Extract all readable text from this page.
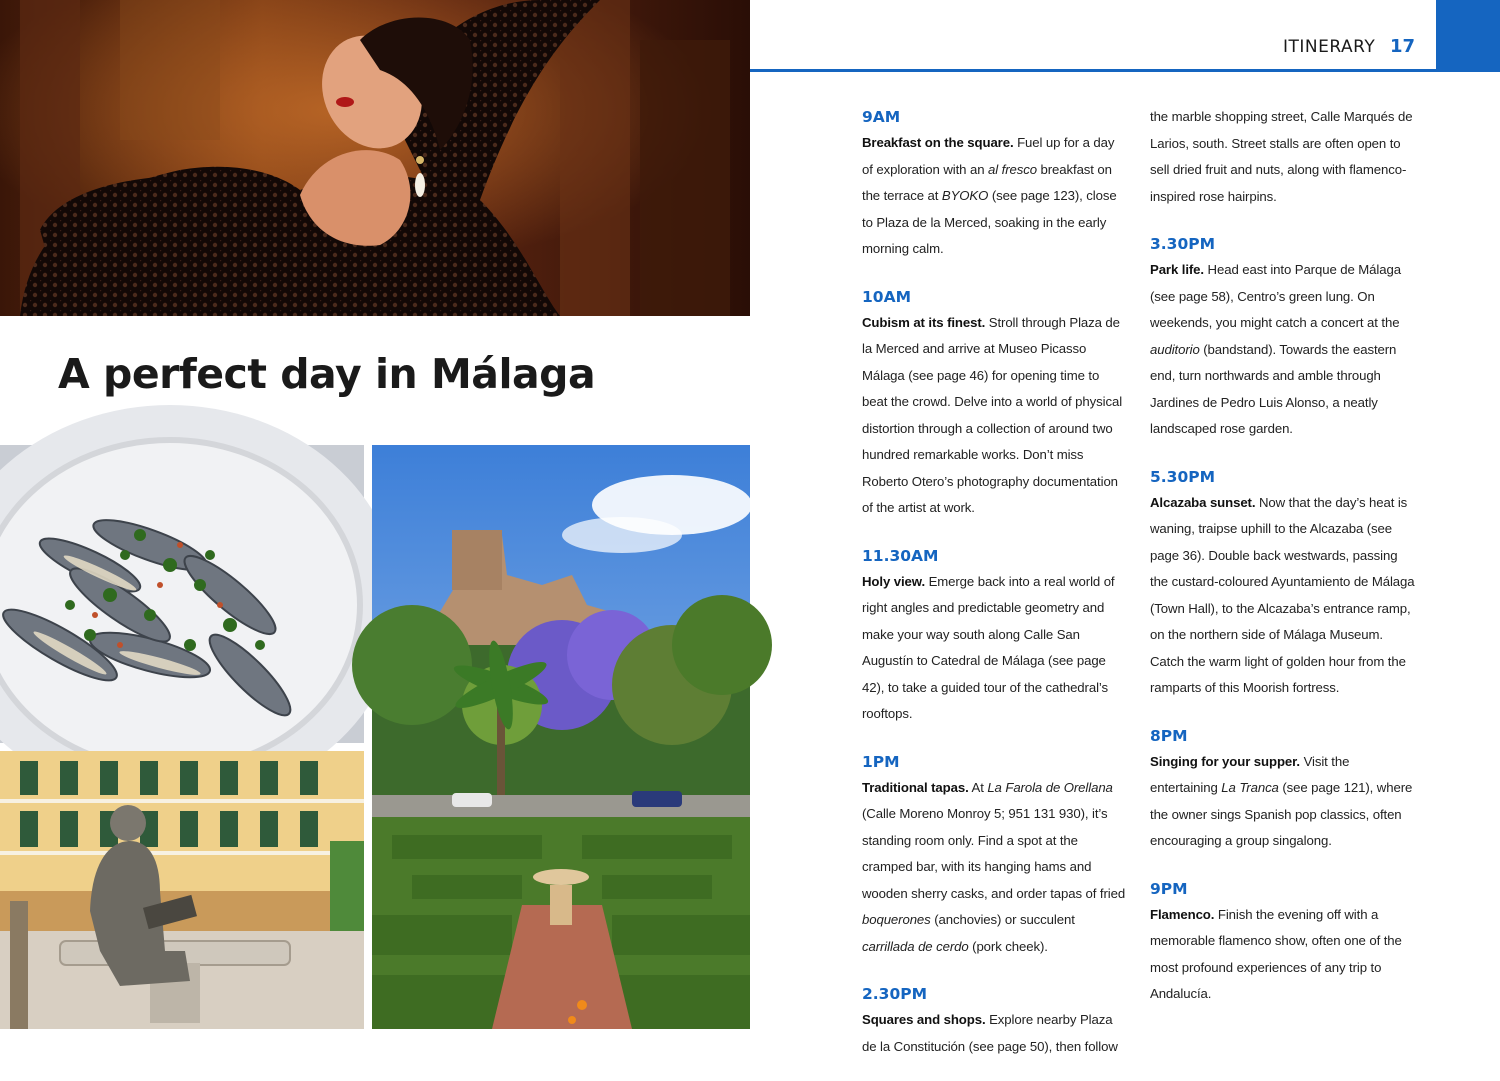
A perfect day in Málaga
ITINERARY 17
9AM

Breakfast on the square. Fuel up for a day of exploration with an al fresco breakfast on the terrace at BYOKO (see page 123), close to Plaza de la Merced, soaking in the early morning calm.

10AM

Cubism at its finest. Stroll through Plaza de la Merced and arrive at Museo Picasso Málaga (see page 46) for opening time to beat the crowd. Delve into a world of physical distortion through a collection of around two hundred remarkable works. Don’t miss Roberto Otero’s photography documentation of the artist at work.

11.30AM

Holy view. Emerge back into a real world of right angles and predictable geometry and make your way south along Calle San Augustín to Catedral de Málaga (see page 42), to take a guided tour of the cathedral’s rooftops.

1PM

Traditional tapas. At La Farola de Orellana (Calle Moreno Monroy 5; 951 131 930), it’s standing room only. Find a spot at the cramped bar, with its hanging hams and wooden sherry casks, and order tapas of fried boquerones (anchovies) or succulent carrillada de cerdo (pork cheek).

2.30PM

Squares and shops. Explore nearby Plaza de la Constitución (see page 50), then follow

the marble shopping street, Calle Marqués de Larios, south. Street stalls are often open to sell dried fruit and nuts, along with flamenco-inspired rose hairpins.

3.30PM

Park life. Head east into Parque de Málaga (see page 58), Centro’s green lung. On weekends, you might catch a concert at the auditorio (bandstand). Towards the eastern end, turn northwards and amble through Jardines de Pedro Luis Alonso, a neatly landscaped rose garden.

5.30PM

Alcazaba sunset. Now that the day’s heat is waning, traipse uphill to the Alcazaba (see page 36). Double back westwards, passing the custard-coloured Ayuntamiento de Málaga (Town Hall), to the Alcazaba’s entrance ramp, on the northern side of Málaga Museum. Catch the warm light of golden hour from the ramparts of this Moorish fortress.

8PM

Singing for your supper. Visit the entertaining La Tranca (see page 121), where the owner sings Spanish pop classics, often encouraging a group singalong.

9PM

Flamenco. Finish the evening off with a memorable flamenco show, often one of the most profound experiences of any trip to Andalucía.
